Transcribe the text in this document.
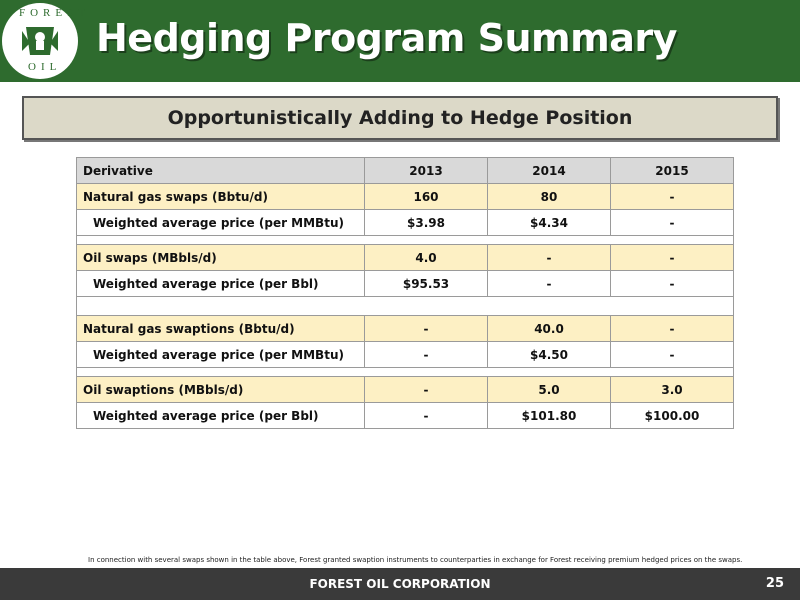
FOREST
OIL
Hedging Program Summary
Opportunistically Adding to Hedge Position
Derivative	2013	2014	2015
Natural gas swaps (Bbtu/d)	160	80	-
Weighted average price (per MMBtu)	$3.98	$4.34	-

Oil swaps (MBbls/d)	4.0	-	-
Weighted average price (per Bbl)	$95.53	-	-

Natural gas swaptions (Bbtu/d)	-	40.0	-
Weighted average price (per MMBtu)	-	$4.50	-

Oil swaptions (MBbls/d)	-	5.0	3.0
Weighted average price (per Bbl)	-	$101.80	$100.00
In connection with several swaps shown in the table above, Forest granted swaption instruments to counterparties in exchange for Forest receiving premium hedged prices on the swaps.
FOREST OIL CORPORATION	25
